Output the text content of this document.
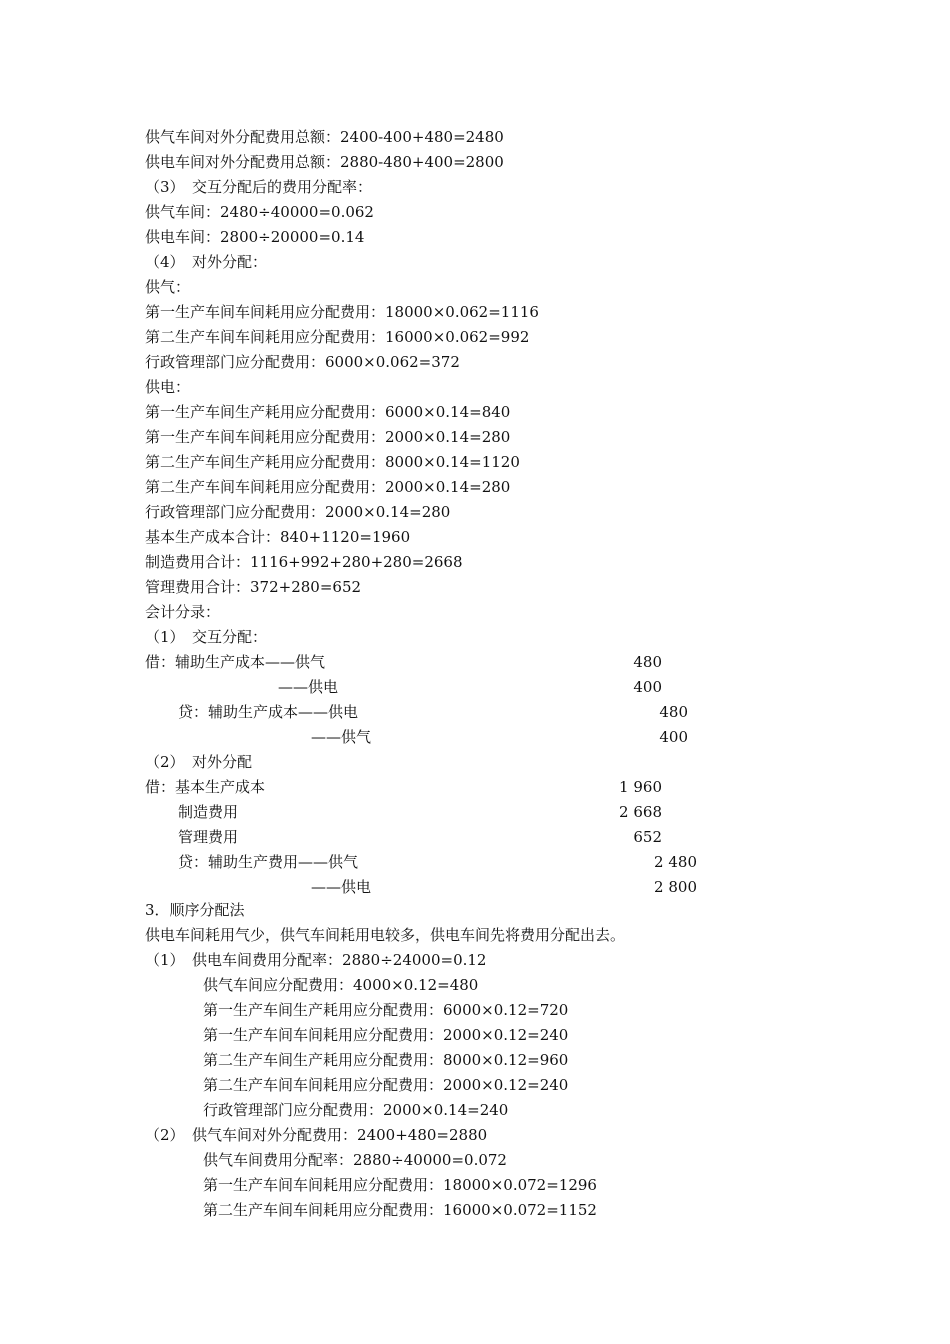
供气车间对外分配费用总额：2400-400+480=2480
供电车间对外分配费用总额：2880-480+400=2800
（3）　交互分配后的费用分配率：
供气车间：2480÷40000=0.062
供电车间：2800÷20000=0.14
（4）　对外分配：
供气：
第一生产车间车间耗用应分配费用：18000×0.062=1116
第二生产车间车间耗用应分配费用：16000×0.062=992
行政管理部门应分配费用：6000×0.062=372
供电：
第一生产车间生产耗用应分配费用：6000×0.14=840
第一生产车间车间耗用应分配费用：2000×0.14=280
第二生产车间生产耗用应分配费用：8000×0.14=1120
第二生产车间车间耗用应分配费用：2000×0.14=280
行政管理部门应分配费用：2000×0.14=280
基本生产成本合计：840+1120=1960
制造费用合计：1116+992+280+280=2668
管理费用合计：372+280=652
会计分录：
（1）　交互分配：
借：辅助生产成本——供气	480
——供电	400
贷：辅助生产成本——供电	480
——供气	400
（2）　对外分配
借：基本生产成本	1 960
制造费用	2 668
管理费用	652
贷：辅助生产费用——供气	2 480
——供电	2 800
3．顺序分配法
供电车间耗用气少，供气车间耗用电较多，供电车间先将费用分配出去。
（1）　供电车间费用分配率：2880÷24000=0.12
供气车间应分配费用：4000×0.12=480
第一生产车间生产耗用应分配费用：6000×0.12=720
第一生产车间车间耗用应分配费用：2000×0.12=240
第二生产车间生产耗用应分配费用：8000×0.12=960
第二生产车间车间耗用应分配费用：2000×0.12=240
行政管理部门应分配费用：2000×0.14=240
（2）　供气车间对外分配费用：2400+480=2880
供气车间费用分配率：2880÷40000=0.072
第一生产车间车间耗用应分配费用：18000×0.072=1296
第二生产车间车间耗用应分配费用：16000×0.072=1152
